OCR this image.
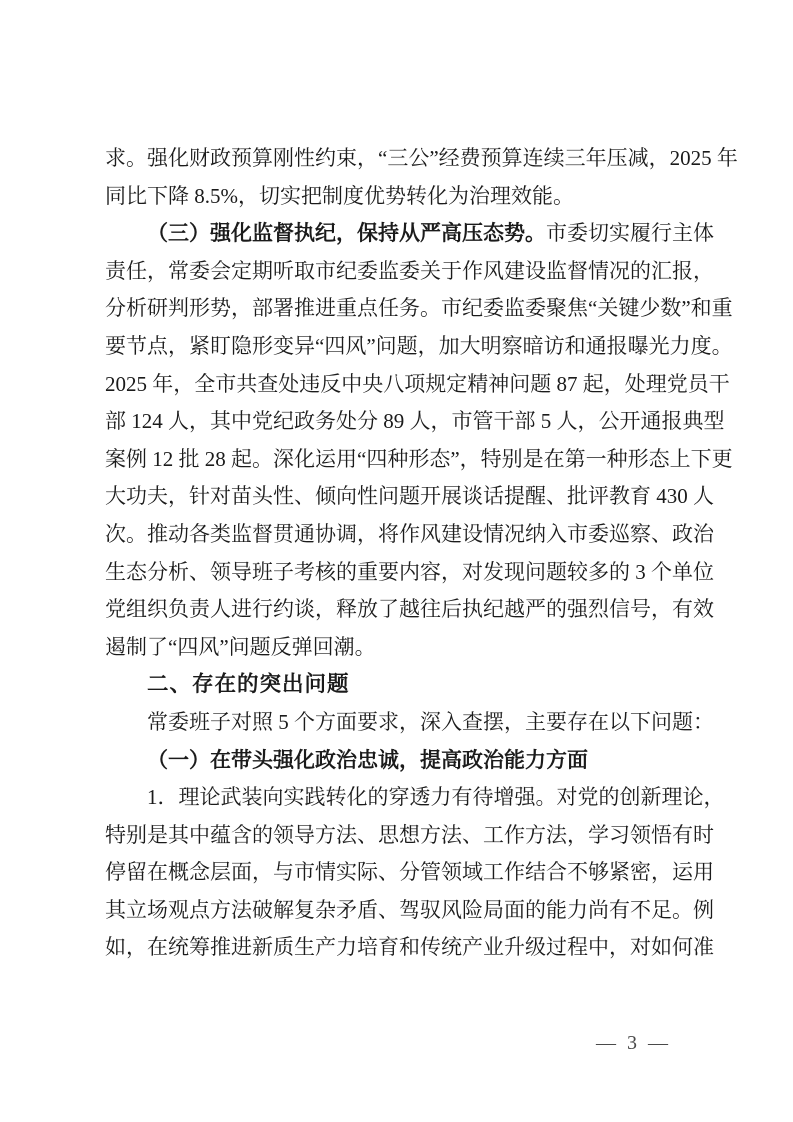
求。强化财政预算刚性约束，“三公”经费预算连续三年压减，2025 年
同比下降 8.5%，切实把制度优势转化为治理效能。
（三）强化监督执纪，保持从严高压态势。市委切实履行主体
责任，常委会定期听取市纪委监委关于作风建设监督情况的汇报，
分析研判形势，部署推进重点任务。市纪委监委聚焦“关键少数”和重
要节点，紧盯隐形变异“四风”问题，加大明察暗访和通报曝光力度。
2025 年，全市共查处违反中央八项规定精神问题 87 起，处理党员干
部 124 人，其中党纪政务处分 89 人，市管干部 5 人，公开通报典型
案例 12 批 28 起。深化运用“四种形态”，特别是在第一种形态上下更
大功夫，针对苗头性、倾向性问题开展谈话提醒、批评教育 430 人
次。推动各类监督贯通协调，将作风建设情况纳入市委巡察、政治
生态分析、领导班子考核的重要内容，对发现问题较多的 3 个单位
党组织负责人进行约谈，释放了越往后执纪越严的强烈信号，有效
遏制了“四风”问题反弹回潮。
二、存在的突出问题
常委班子对照 5 个方面要求，深入查摆，主要存在以下问题：
（一）在带头强化政治忠诚，提高政治能力方面
1．理论武装向实践转化的穿透力有待增强。对党的创新理论，
特别是其中蕴含的领导方法、思想方法、工作方法，学习领悟有时
停留在概念层面，与市情实际、分管领域工作结合不够紧密，运用
其立场观点方法破解复杂矛盾、驾驭风险局面的能力尚有不足。例
如，在统筹推进新质生产力培育和传统产业升级过程中，对如何准
— 3 —
